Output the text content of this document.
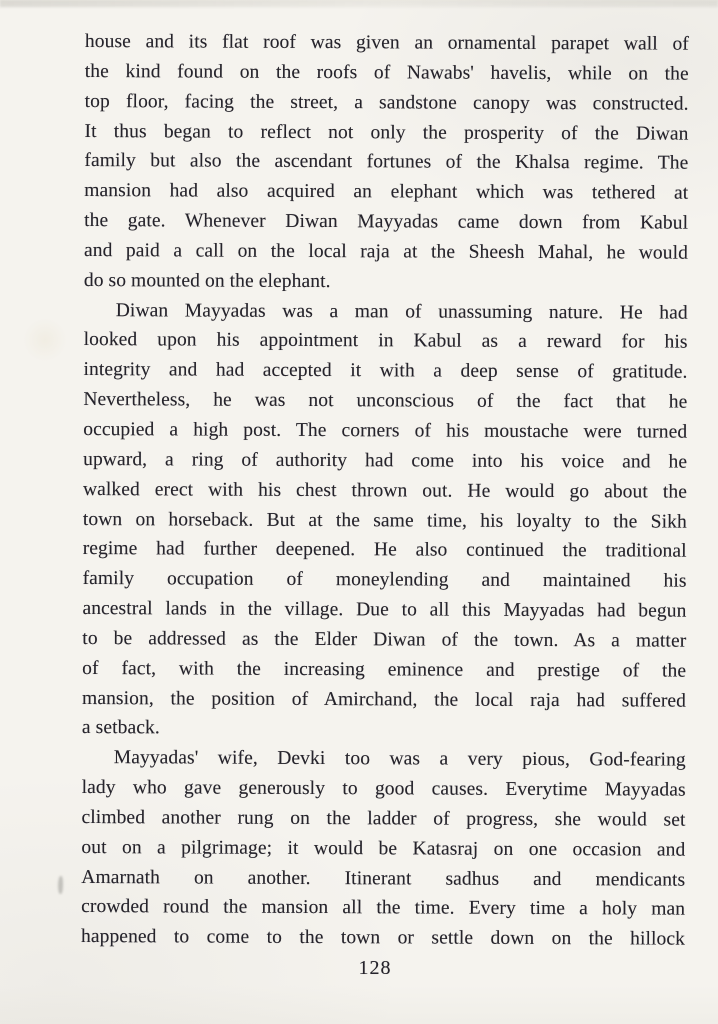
house and its flat roof was given an ornamental parapet wall of
the kind found on the roofs of Nawabs' havelis, while on the
top floor, facing the street, a sandstone canopy was constructed.
It thus began to reflect not only the prosperity of the Diwan
family but also the ascendant fortunes of the Khalsa regime. The
mansion had also acquired an elephant which was tethered at
the gate. Whenever Diwan Mayyadas came down from Kabul
and paid a call on the local raja at the Sheesh Mahal, he would
do so mounted on the elephant.
Diwan Mayyadas was a man of unassuming nature. He had
looked upon his appointment in Kabul as a reward for his
integrity and had accepted it with a deep sense of gratitude.
Nevertheless, he was not unconscious of the fact that he
occupied a high post. The corners of his moustache were turned
upward, a ring of authority had come into his voice and he
walked erect with his chest thrown out. He would go about the
town on horseback. But at the same time, his loyalty to the Sikh
regime had further deepened. He also continued the traditional
family occupation of moneylending and maintained his
ancestral lands in the village. Due to all this Mayyadas had begun
to be addressed as the Elder Diwan of the town. As a matter
of fact, with the increasing eminence and prestige of the
mansion, the position of Amirchand, the local raja had suffered
a setback.
Mayyadas' wife, Devki too was a very pious, God-fearing
lady who gave generously to good causes. Everytime Mayyadas
climbed another rung on the ladder of progress, she would set
out on a pilgrimage; it would be Katasraj on one occasion and
Amarnath on another. Itinerant sadhus and mendicants
crowded round the mansion all the time. Every time a holy man
happened to come to the town or settle down on the hillock
128
